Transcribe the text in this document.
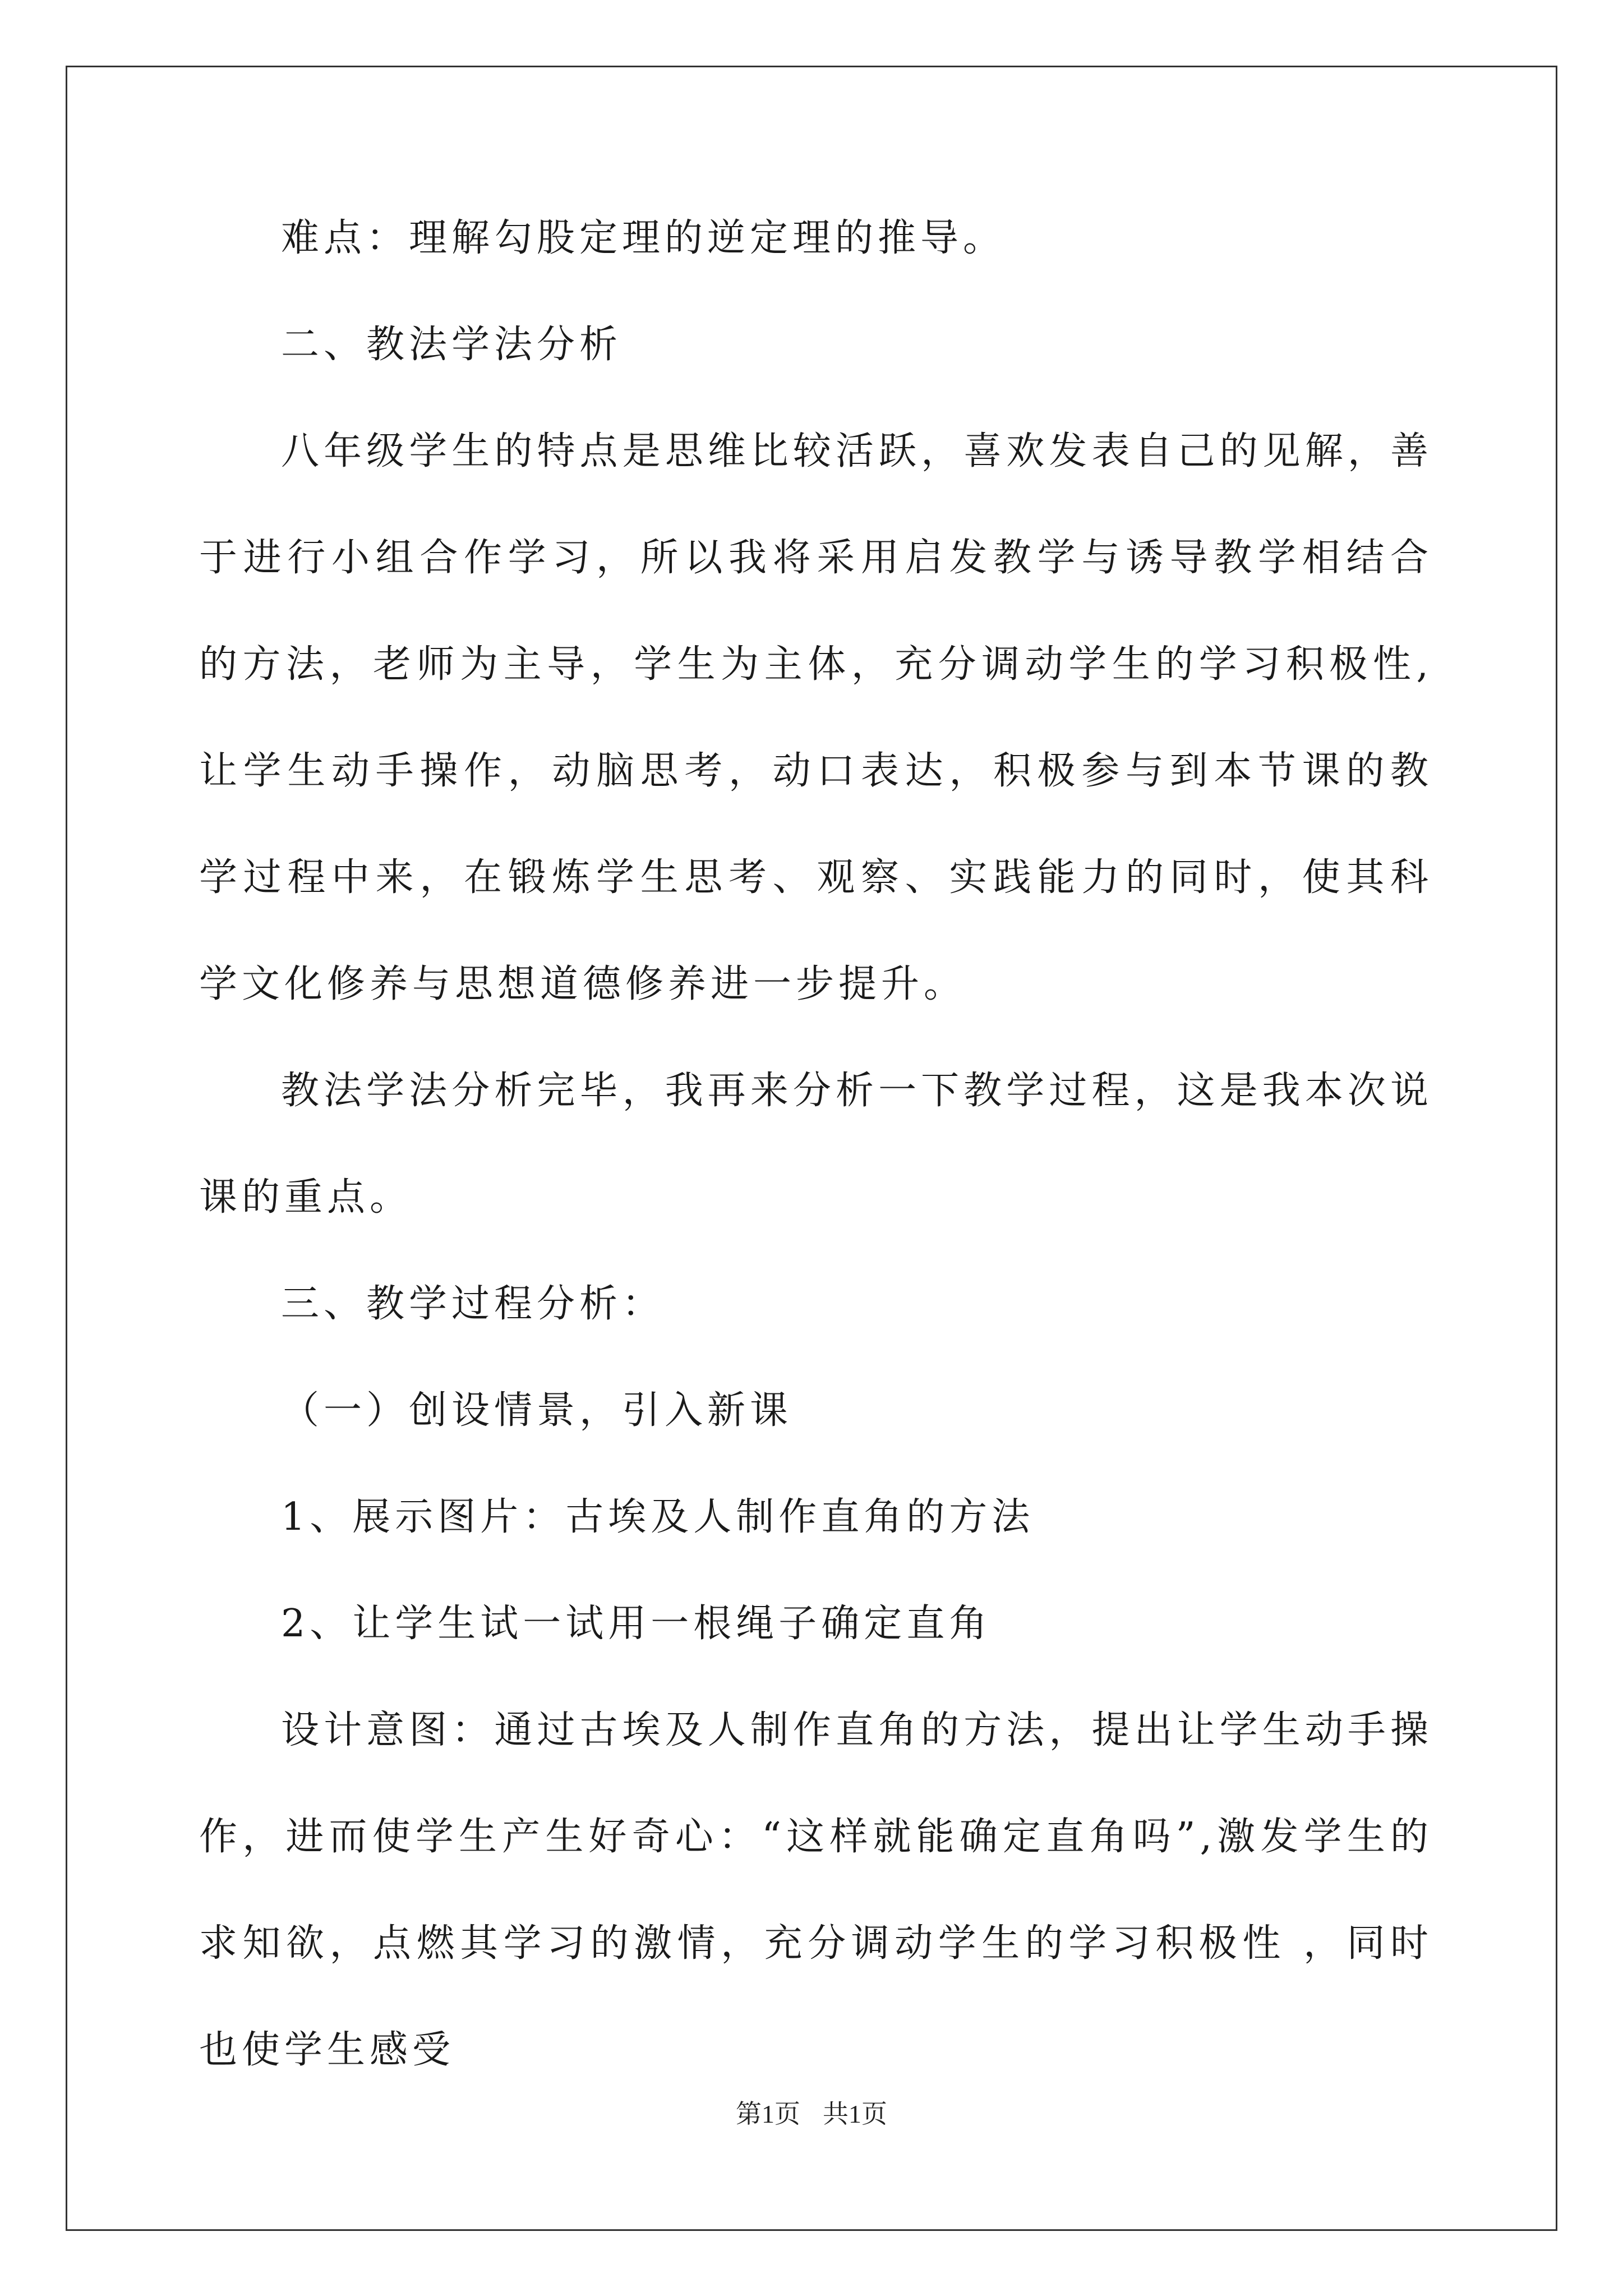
难点：理解勾股定理的逆定理的推导。

二、教法学法分析

八年级学生的特点是思维比较活跃，喜欢发表自己的见解，善于进行小组合作学习，所以我将采用启发教学与诱导教学相结合的方法，老师为主导，学生为主体，充分调动学生的学习积极性,让学生动手操作，动脑思考，动口表达，积极参与到本节课的教学过程中来，在锻炼学生思考、观察、实践能力的同时，使其科学文化修养与思想道德修养进一步提升。

教法学法分析完毕，我再来分析一下教学过程，这是我本次说课的重点。

三、教学过程分析：

（一）创设情景，引入新课

1、展示图片：古埃及人制作直角的方法

2、让学生试一试用一根绳子确定直角

设计意图：通过古埃及人制作直角的方法，提出让学生动手操作，进而使学生产生好奇心：“这样就能确定直角吗”,激发学生的求知欲，点燃其学习的激情，充分调动学生的学习积极性 ，同时也使学生感受

第1页 共1页
